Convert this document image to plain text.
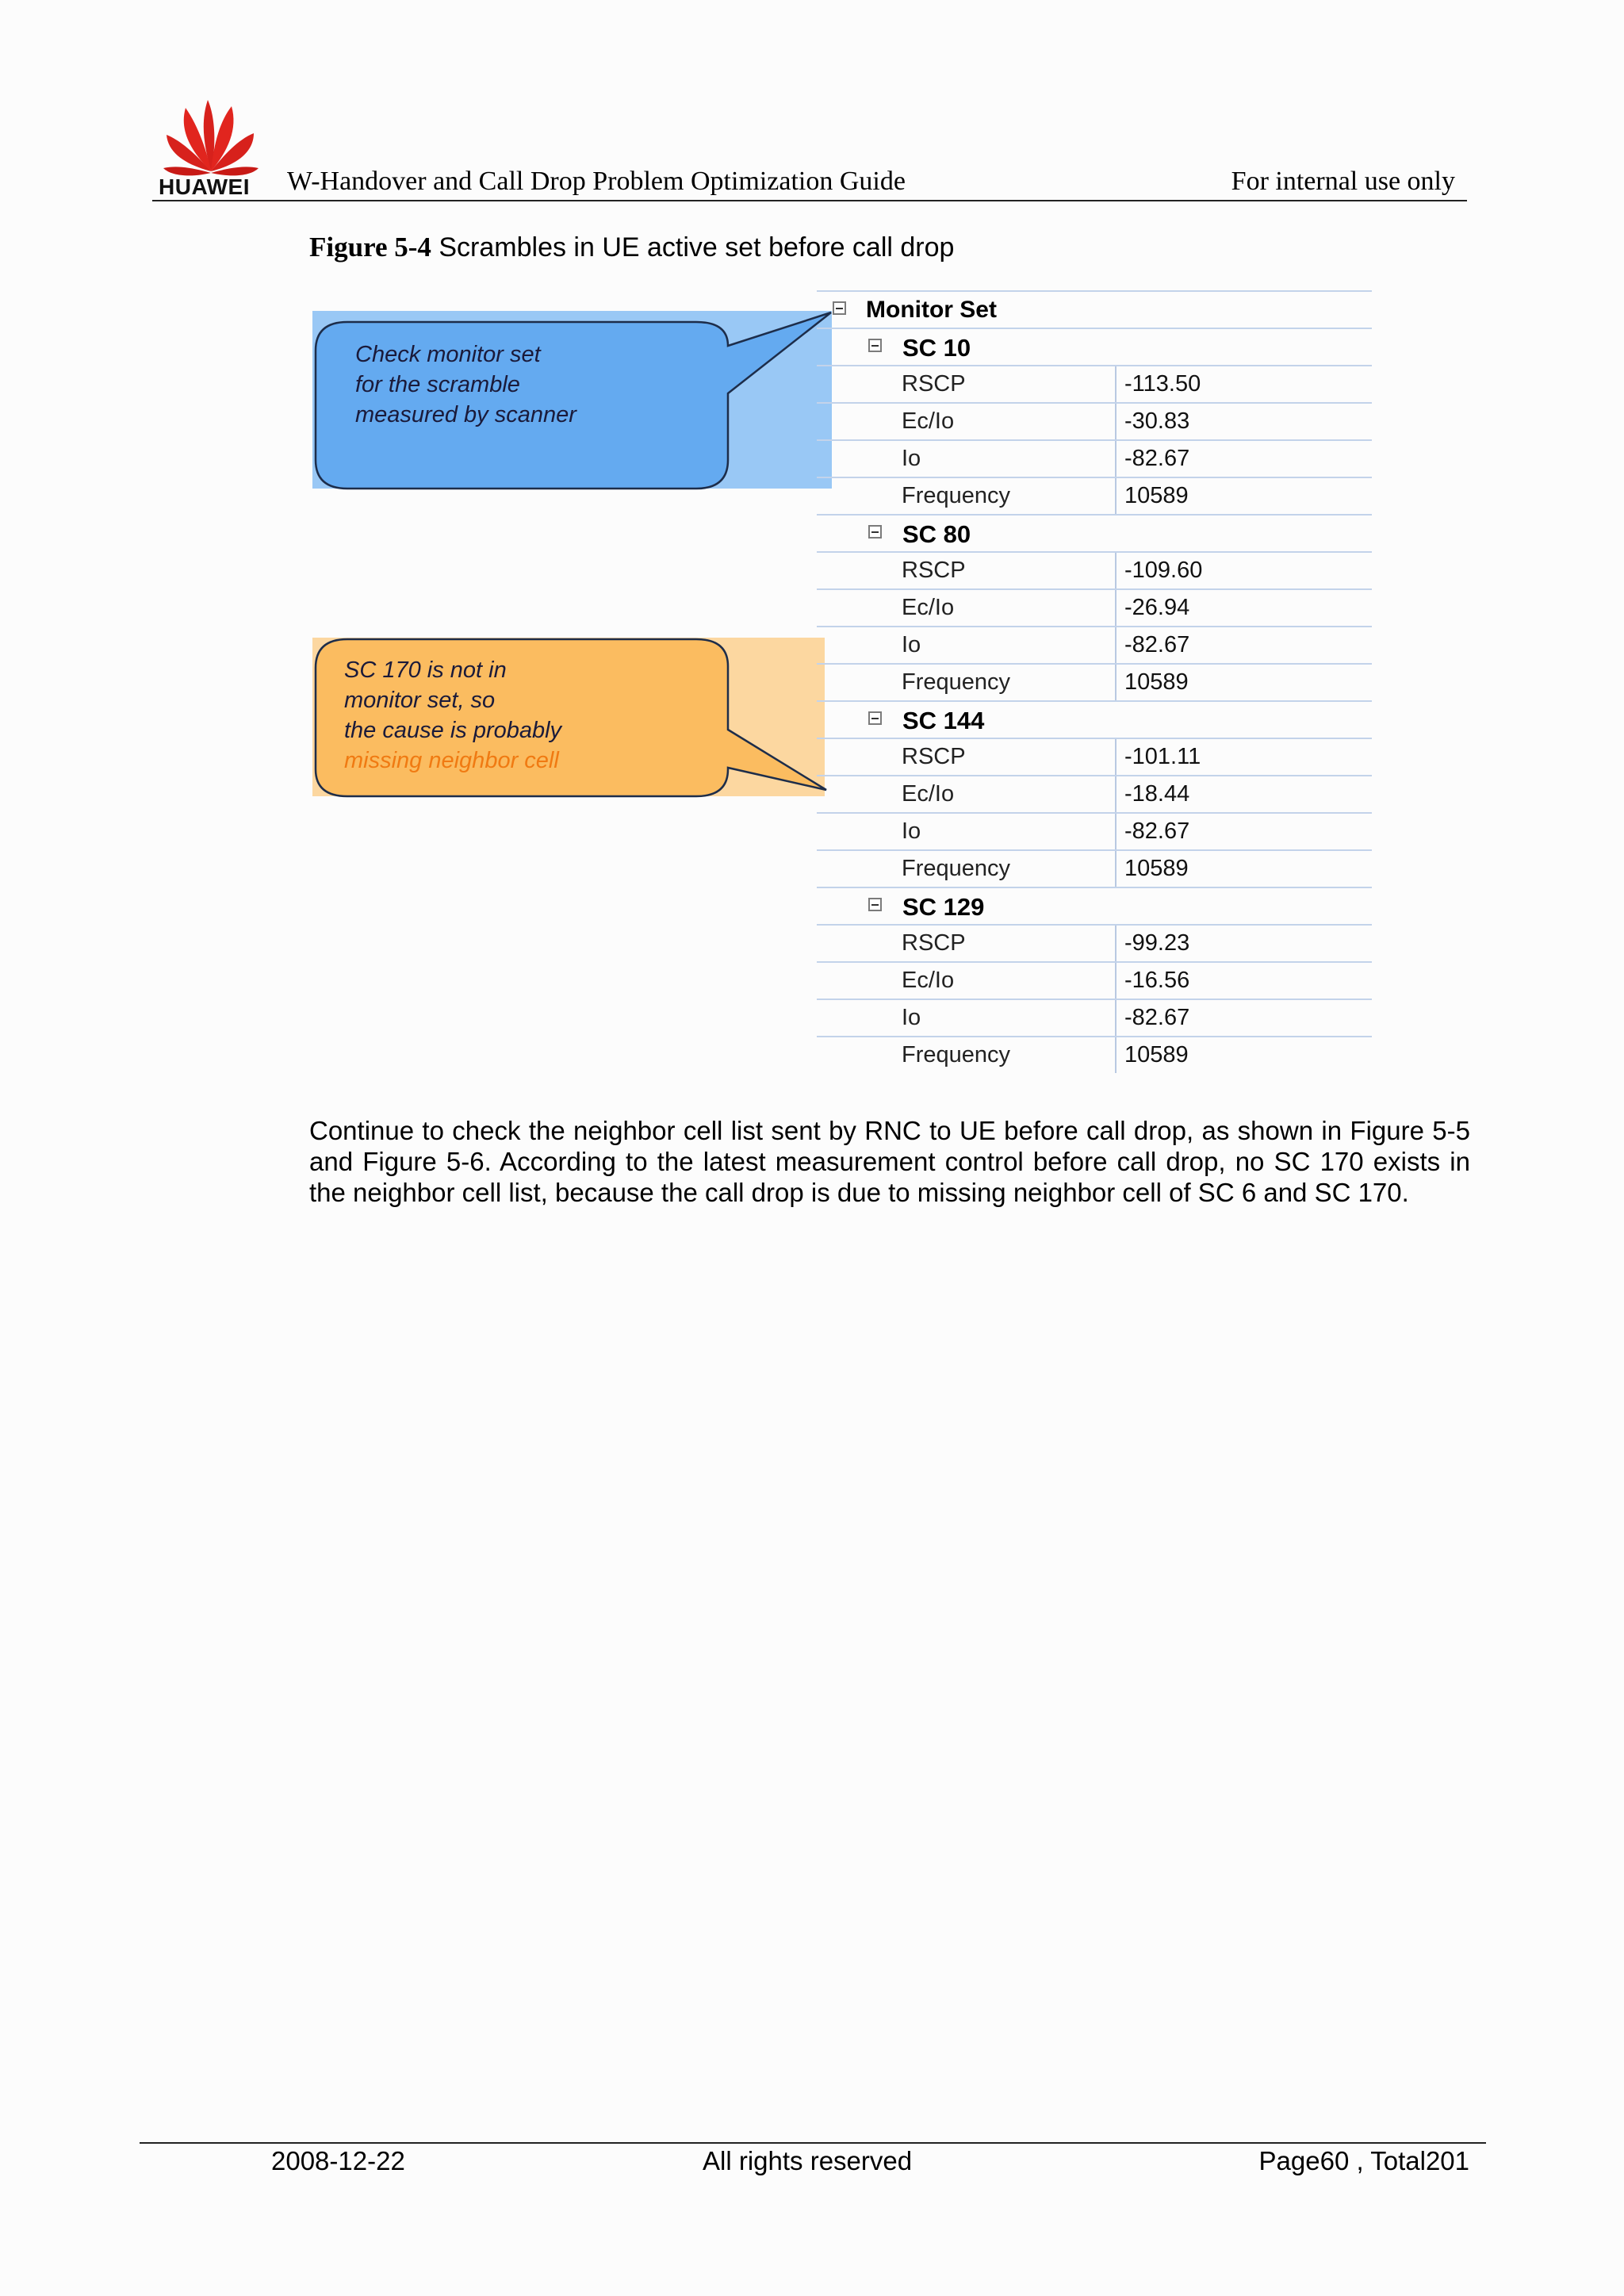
HUAWEI W-Handover and Call Drop Problem Optimization Guide	For internal use only
Figure 5-4 Scrambles in UE active set before call drop
Check monitor set
for the scramble
measured by scanner
SC 170 is not in
monitor set, so
the cause is probably
missing neighbor cell
Monitor Set
SC 10
RSCP	-113.50
Ec/Io	-30.83
Io	-82.67
Frequency	10589
SC 80
RSCP	-109.60
Ec/Io	-26.94
Io	-82.67
Frequency	10589
SC 144
RSCP	-101.11
Ec/Io	-18.44
Io	-82.67
Frequency	10589
SC 129
RSCP	-99.23
Ec/Io	-16.56
Io	-82.67
Frequency	10589
Continue to check the neighbor cell list sent by RNC to UE before call drop, as shown in Figure 5-5 and Figure 5-6. According to the latest measurement control before call drop, no SC 170 exists in the neighbor cell list, because the call drop is due to missing neighbor cell of SC 6 and SC 170.
2008-12-22	All rights reserved	Page60 , Total201
